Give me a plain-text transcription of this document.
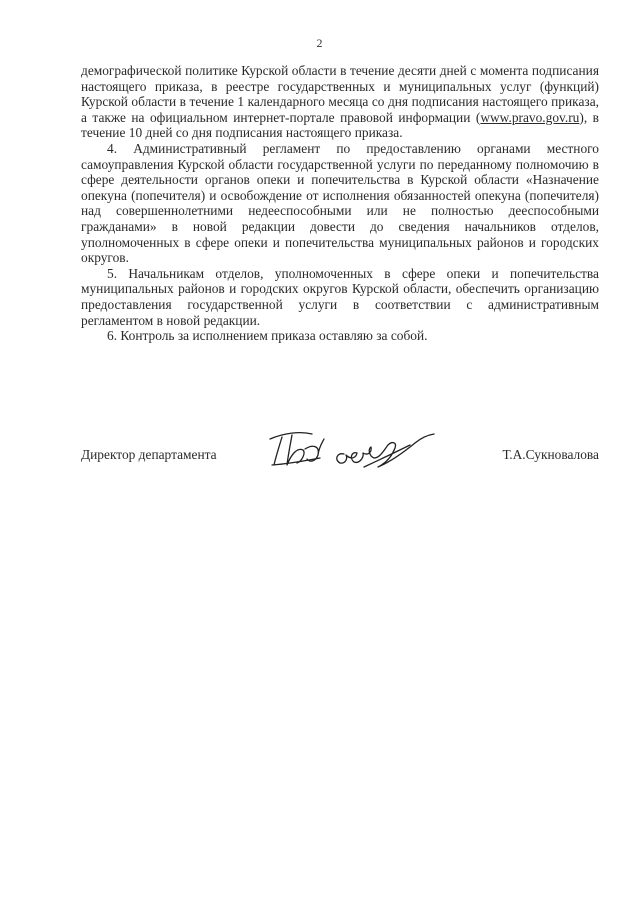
2

демографической политике Курской области в течение десяти дней с момента подписания настоящего приказа, в реестре государственных и муниципальных услуг (функций) Курской области в течение 1 календарного месяца со дня подписания настоящего приказа, а также на официальном интернет-портале правовой информации (www.pravo.gov.ru), в течение 10 дней со дня подписания настоящего приказа.

4. Административный регламент по предоставлению органами местного самоуправления Курской области государственной услуги по переданному полномочию в сфере деятельности органов опеки и попечительства в Курской области «Назначение опекуна (попечителя) и освобождение от исполнения обязанностей опекуна (попечителя) над совершеннолетними недееспособными или не полностью дееспособными гражданами» в новой редакции довести до сведения начальников отделов, уполномоченных в сфере опеки и попечительства муниципальных районов и городских округов.

5. Начальникам отделов, уполномоченных в сфере опеки и попечительства муниципальных районов и городских округов Курской области, обеспечить организацию предоставления государственной услуги в соответствии с административным регламентом в новой редакции.

6. Контроль за исполнением приказа оставляю за собой.

Директор департамента	Т.А.Сукновалова
